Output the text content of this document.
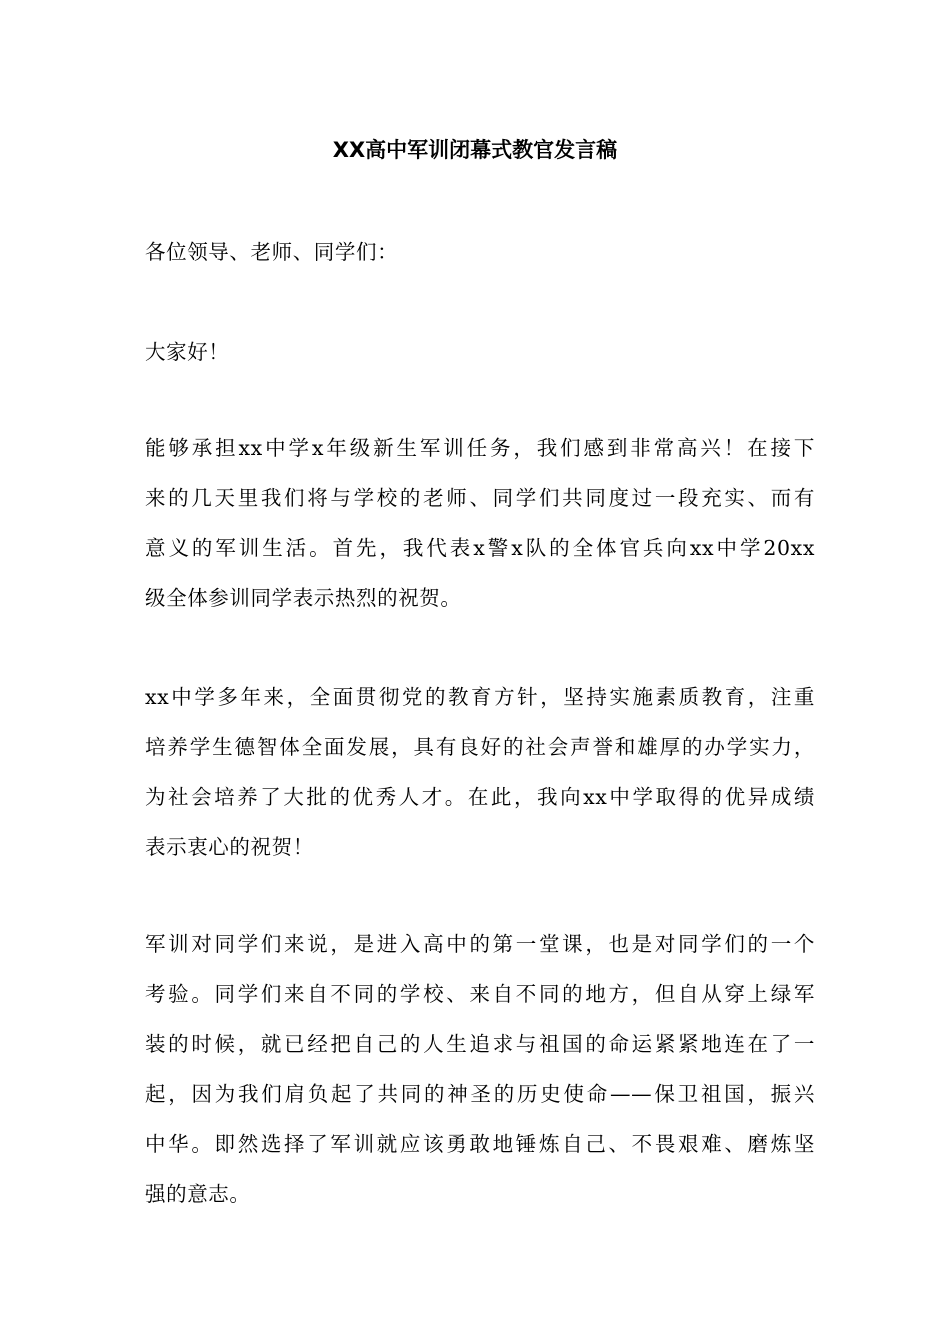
XX高中军训闭幕式教官发言稿
各位领导、老师、同学们：
大家好！
能够承担xx中学x年级新生军训任务，我们感到非常高兴！在接下
来的几天里我们将与学校的老师、同学们共同度过一段充实、而有
意义的军训生活。首先，我代表x警x队的全体官兵向xx中学20xx
级全体参训同学表示热烈的祝贺。
xx中学多年来，全面贯彻党的教育方针，坚持实施素质教育，注重
培养学生德智体全面发展，具有良好的社会声誉和雄厚的办学实力，
为社会培养了大批的优秀人才。在此，我向xx中学取得的优异成绩
表示衷心的祝贺！
军训对同学们来说，是进入高中的第一堂课，也是对同学们的一个
考验。同学们来自不同的学校、来自不同的地方，但自从穿上绿军
装的时候，就已经把自己的人生追求与祖国的命运紧紧地连在了一
起，因为我们肩负起了共同的神圣的历史使命——保卫祖国，振兴
中华。即然选择了军训就应该勇敢地锤炼自己、不畏艰难、磨炼坚
强的意志。
